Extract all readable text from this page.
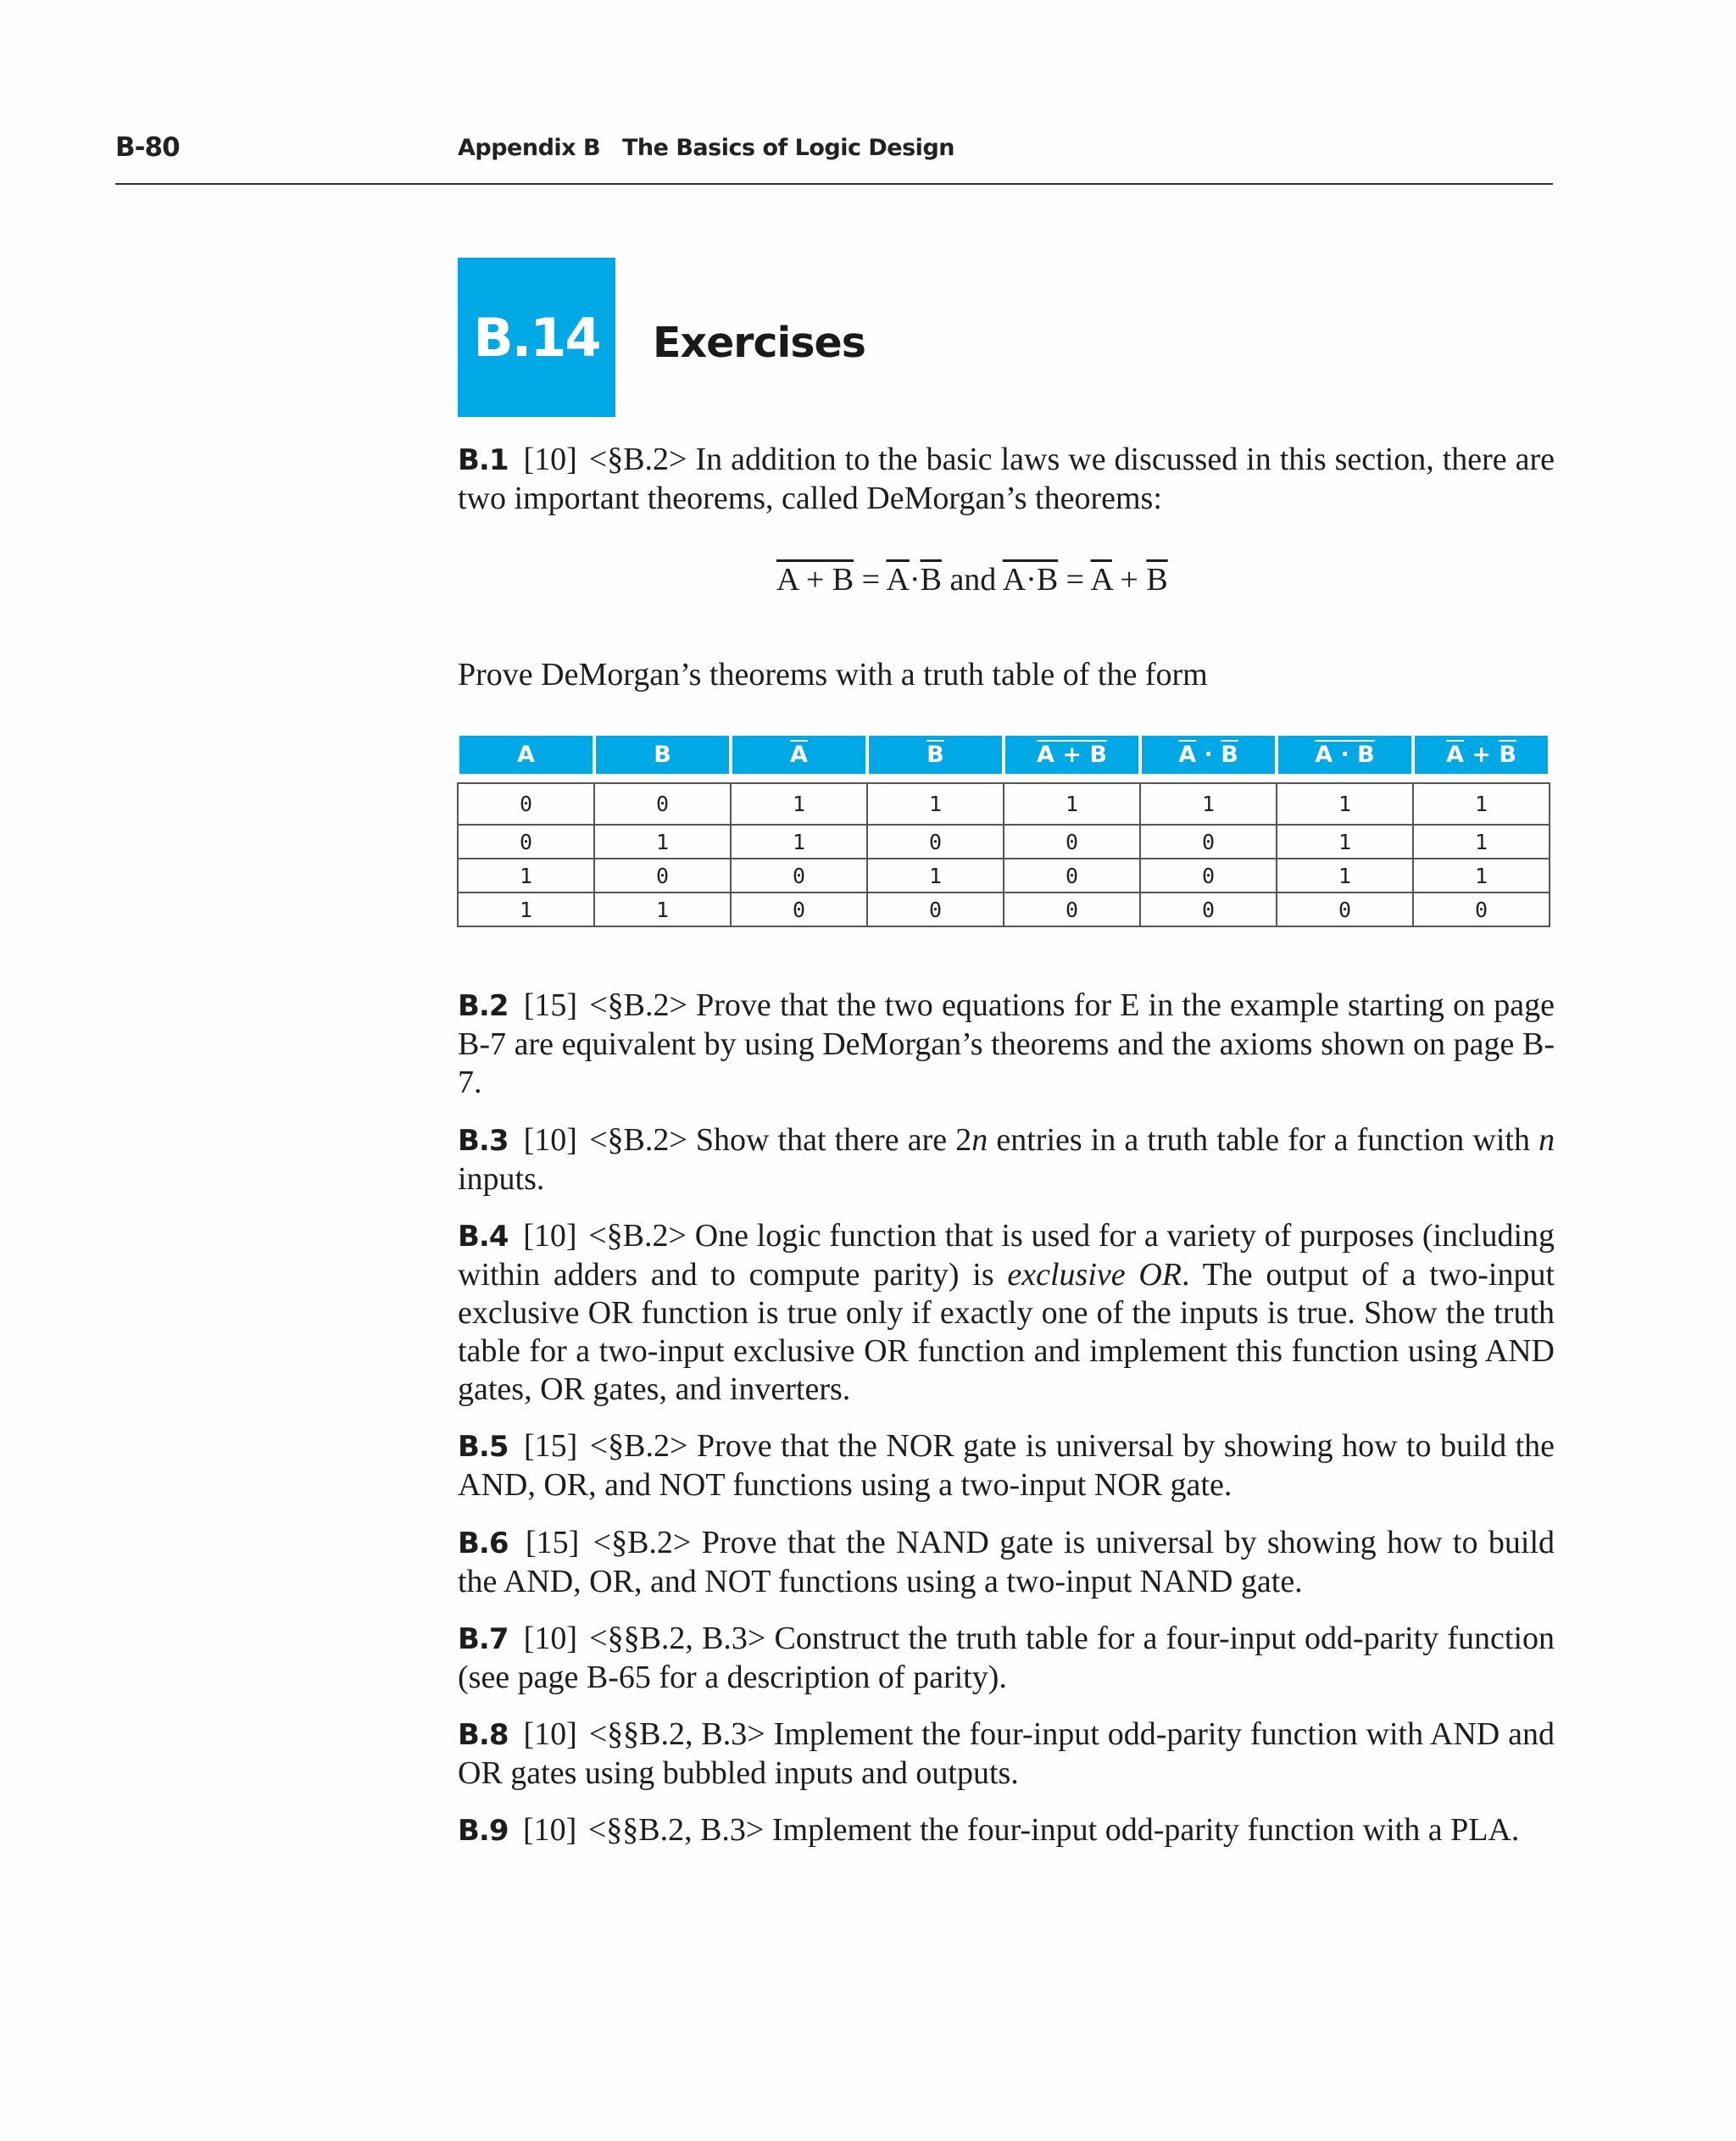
B-80	Appendix B The Basics of Logic Design
B.14 Exercises
B.1 [10] <§B.2> In addition to the basic laws we discussed in this section, there are two important theorems, called DeMorgan’s theorems:
$A + B = \overline{A}\cdot\overline{B}$ and $A\cdot B = \overline{A} + \overline{B}$
Prove DeMorgan’s theorems with a truth table of the form
A	B	$\overline{A}$	$\overline{B}$	A + B	$\overline{A} \cdot \overline{B}$	A · B	$\overline{A} + \overline{B}$

0	0	1	1	1	1	1	1
0	1	1	0	0	0	1	1
1	0	0	1	0	0	1	1
1	1	0	0	0	0	0	0
B.2 [15] <§B.2> Prove that the two equations for E in the example starting on page B-7 are equivalent by using DeMorgan’s theorems and the axioms shown on page B-7.
B.3 [10] <§B.2> Show that there are 2n entries in a truth table for a function with n inputs.
B.4 [10] <§B.2> One logic function that is used for a variety of purposes (including within adders and to compute parity) is exclusive OR. The output of a two-input exclusive OR function is true only if exactly one of the inputs is true. Show the truth table for a two-input exclusive OR function and implement this function using AND gates, OR gates, and inverters.
B.5 [15] <§B.2> Prove that the NOR gate is universal by showing how to build the AND, OR, and NOT functions using a two-input NOR gate.
B.6 [15] <§B.2> Prove that the NAND gate is universal by showing how to build the AND, OR, and NOT functions using a two-input NAND gate.
B.7 [10] <§§B.2, B.3> Construct the truth table for a four-input odd-parity function (see page B-65 for a description of parity).
B.8 [10] <§§B.2, B.3> Implement the four-input odd-parity function with AND and OR gates using bubbled inputs and outputs.
B.9 [10] <§§B.2, B.3> Implement the four-input odd-parity function with a PLA.
